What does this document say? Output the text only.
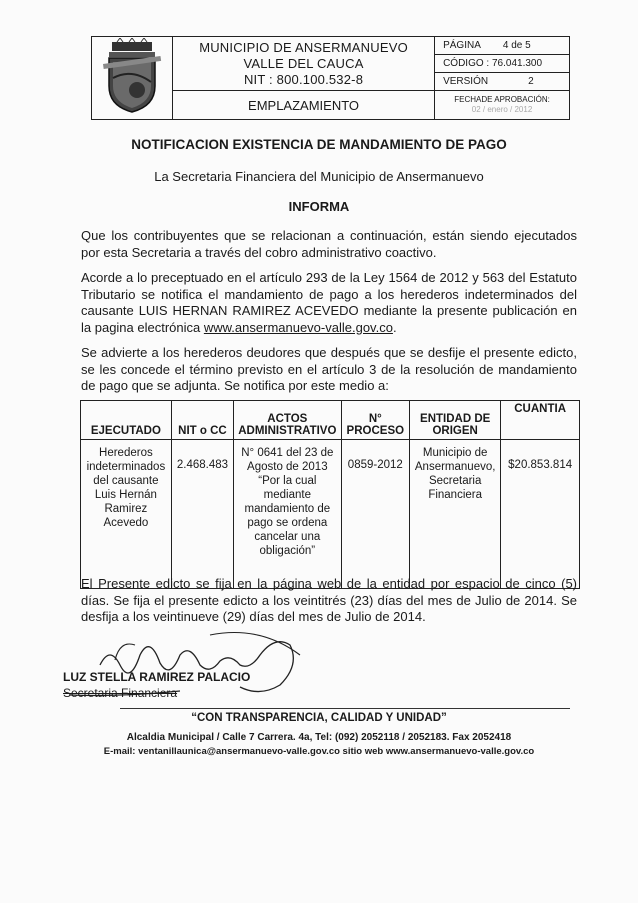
MUNICIPIO DE ANSERMANUEVO
VALLE DEL CAUCA
NIT : 800.100.532-8	PÁGINA 4 de 5
		CÓDIGO : 76.041.300
		VERSIÓN 2
	EMPLAZAMIENTO	FECHADE APROBACIÓN:
02 / enero / 2012
NOTIFICACION EXISTENCIA DE MANDAMIENTO DE PAGO
La Secretaria Financiera del Municipio de Ansermanuevo
INFORMA
Que los contribuyentes que se relacionan a continuación, están siendo ejecutados por esta Secretaria a través del cobro administrativo coactivo.
Acorde a lo preceptuado en el artículo 293 de la Ley 1564 de 2012 y 563 del Estatuto Tributario se notifica el mandamiento de pago a los herederos indeterminados del causante LUIS HERNAN RAMIREZ ACEVEDO mediante la presente publicación en la pagina electrónica www.ansermanuevo-valle.gov.co.
Se advierte a los herederos deudores que después que se desfije el presente edicto, se les concede el término previsto en el artículo 3 de la resolución de mandamiento de pago que se adjunta. Se notifica por este medio a:
EJECUTADO	NIT o CC	ACTOS ADMINISTRATIVO	N° PROCESO	ENTIDAD DE ORIGEN	CUANTIA
Herederos indeterminados del causante Luis Hernán Ramirez Acevedo	2.468.483	N° 0641 del 23 de Agosto de 2013 “Por la cual mediante mandamiento de pago se ordena cancelar una obligación”	0859-2012	Municipio de Ansermanuevo, Secretaria Financiera	$20.853.814
El Presente edicto se fija en la página web de la entidad por espacio de cinco (5) días. Se fija el presente edicto a los veintitrés (23) días del mes de Julio de 2014. Se desfija a los veintinueve (29) días del mes de Julio de 2014.
LUZ STELLA RAMIREZ PALACIO
Secretaria Financiera
“CON TRANSPARENCIA, CALIDAD Y UNIDAD”
Alcaldia Municipal / Calle 7 Carrera. 4a, Tel: (092) 2052118 / 2052183. Fax 2052418
E-mail: ventanillaunica@ansermanuevo-valle.gov.co sitio web www.ansermanuevo-valle.gov.co
